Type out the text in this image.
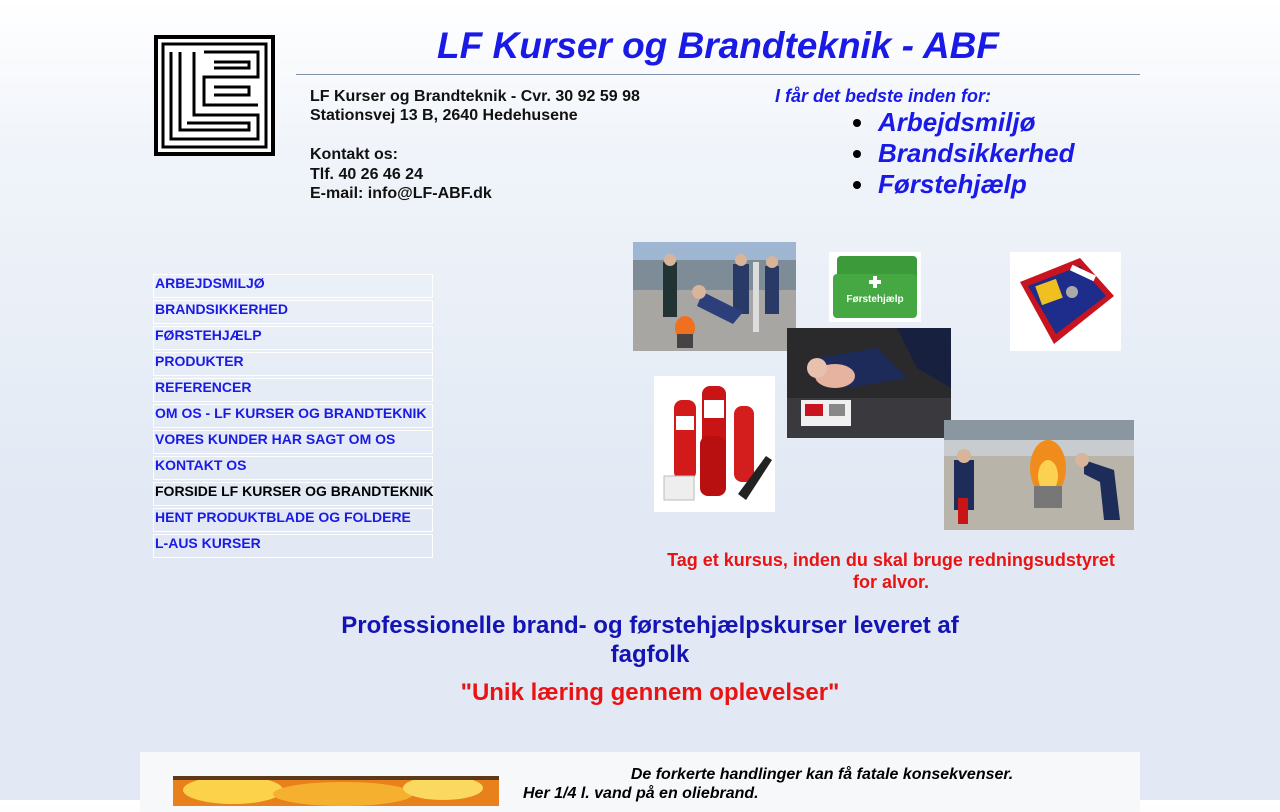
LF Kurser og Brandteknik - ABF
LF Kurser og Brandteknik - Cvr. 30 92 59 98
Stationsvej 13 B, 2640 Hedehusene
Kontakt os:
Tlf. 40 26 46 24
E-mail: info@LF-ABF.dk
I får det bedste inden for:
Arbejdsmiljø
Brandsikkerhed
Førstehjælp
ARBEJDSMILJØ
BRANDSIKKERHED
FØRSTEHJÆLP
PRODUKTER
REFERENCER
OM OS - LF KURSER OG BRANDTEKNIK
VORES KUNDER HAR SAGT OM OS
KONTAKT OS
FORSIDE LF KURSER OG BRANDTEKNIK
HENT PRODUKTBLADE OG FOLDERE
L-AUS KURSER
Førstehjælp
Tag et kursus, inden du skal bruge redningsudstyret for alvor.
Professionelle brand- og førstehjælpskurser leveret af fagfolk
"Unik læring gennem oplevelser"
De forkerte handlinger kan få fatale konsekvenser.
Her 1/4 l. vand på en oliebrand.
